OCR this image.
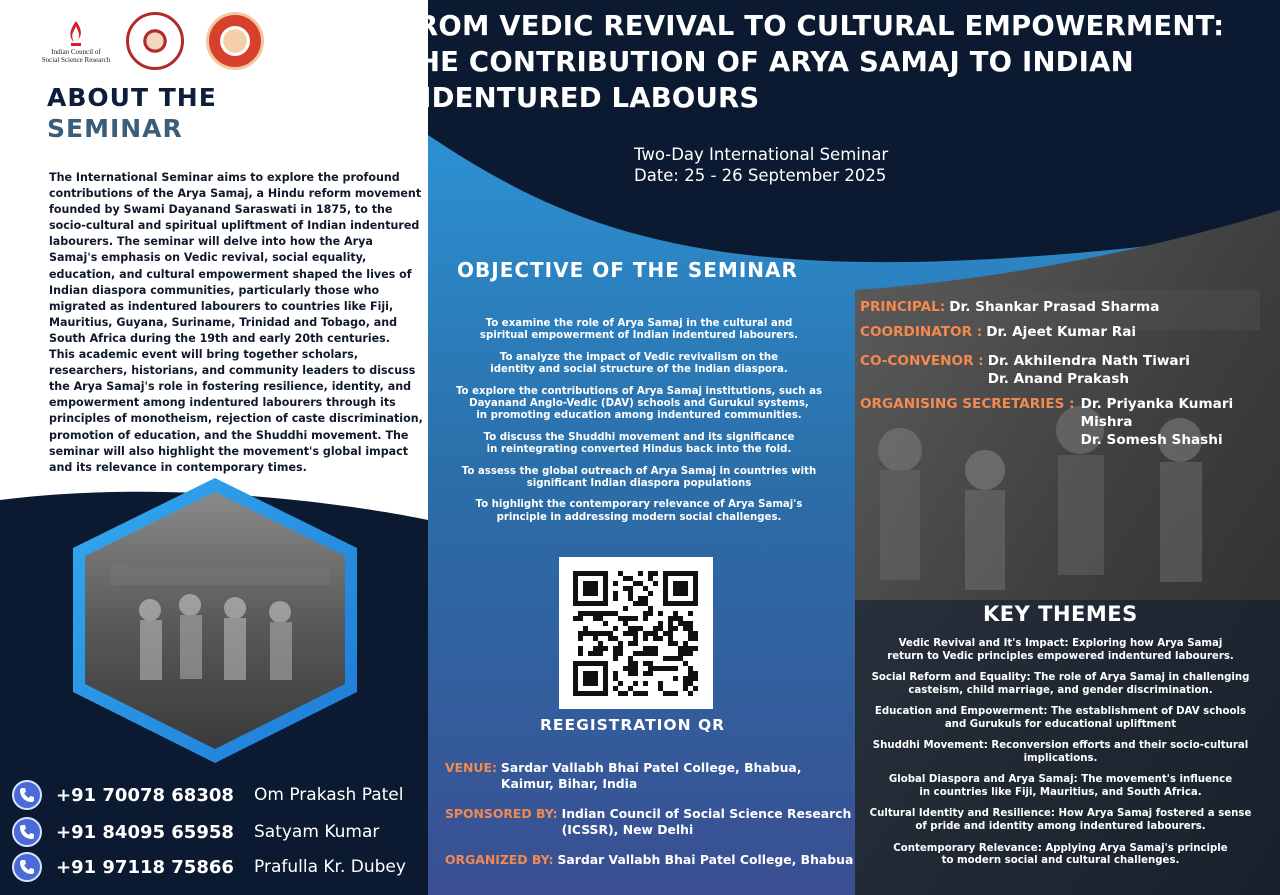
Indian Council of
Social Science Research
ABOUT THE
SEMINAR

The International Seminar aims to explore the profound contributions of the Arya Samaj, a Hindu reform movement founded by Swami Dayanand Saraswati in 1875, to the socio-cultural and spiritual upliftment of Indian indentured labourers. The seminar will delve into how the Arya Samaj's emphasis on Vedic revival, social equality, education, and cultural empowerment shaped the lives of Indian diaspora communities, particularly those who migrated as indentured labourers to countries like Fiji, Mauritius, Guyana, Suriname, Trinidad and Tobago, and South Africa during the 19th and early 20th centuries.

This academic event will bring together scholars, researchers, historians, and community leaders to discuss the Arya Samaj's role in fostering resilience, identity, and empowerment among indentured labourers through its principles of monotheism, rejection of caste discrimination, promotion of education, and the Shuddhi movement. The seminar will also highlight the movement's global impact and its relevance in contemporary times.

FROM VEDIC REVIVAL TO CULTURAL EMPOWERMENT:
THE CONTRIBUTION OF ARYA SAMAJ TO INDIAN
INDENTURED LABOURS
Two-Day International Seminar
Date: 25 - 26 September 2025
OBJECTIVE OF THE SEMINAR
To examine the role of Arya Samaj in the cultural and
spiritual empowerment of Indian indentured labourers.
To analyze the impact of Vedic revivalism on the
identity and social structure of the Indian diaspora.
To explore the contributions of Arya Samaj institutions, such as
Dayanand Anglo-Vedic (DAV) schools and Gurukul systems,
in promoting education among indentured communities.
To discuss the Shuddhi movement and its significance
in reintegrating converted Hindus back into the fold.
To assess the global outreach of Arya Samaj in countries with
significant Indian diaspora populations
To highlight the contemporary relevance of Arya Samaj's
principle in addressing modern social challenges.
REEGISTRATION QR
VENUE: Sardar Vallabh Bhai Patel College, Bhabua,
Kaimur, Bihar, India
SPONSORED BY: Indian Council of Social Science Research
(ICSSR), New Delhi
ORGANIZED BY: Sardar Vallabh Bhai Patel College, Bhabua
PRINCIPAL: Dr. Shankar Prasad Sharma
COORDINATOR : Dr. Ajeet Kumar Rai
CO-CONVENOR : Dr. Akhilendra Nath Tiwari
Dr. Anand Prakash
ORGANISING SECRETARIES : Dr. Priyanka Kumari Mishra
Dr. Somesh Shashi
KEY THEMES
Vedic Revival and It's Impact: Exploring how Arya Samaj
return to Vedic principles empowered indentured labourers.
Social Reform and Equality: The role of Arya Samaj in challenging
casteism, child marriage, and gender discrimination.
Education and Empowerment: The establishment of DAV schools
and Gurukuls for educational upliftment
Shuddhi Movement: Reconversion efforts and their socio-cultural
implications.
Global Diaspora and Arya Samaj: The movement's influence
in countries like Fiji, Mauritius, and South Africa.
Cultural Identity and Resilience: How Arya Samaj fostered a sense
of pride and identity among indentured labourers.
Contemporary Relevance: Applying Arya Samaj's principle
to modern social and cultural challenges.
+91 70078 68308 Om Prakash Patel
+91 84095 65958 Satyam Kumar
+91 97118 75866 Prafulla Kr. Dubey
